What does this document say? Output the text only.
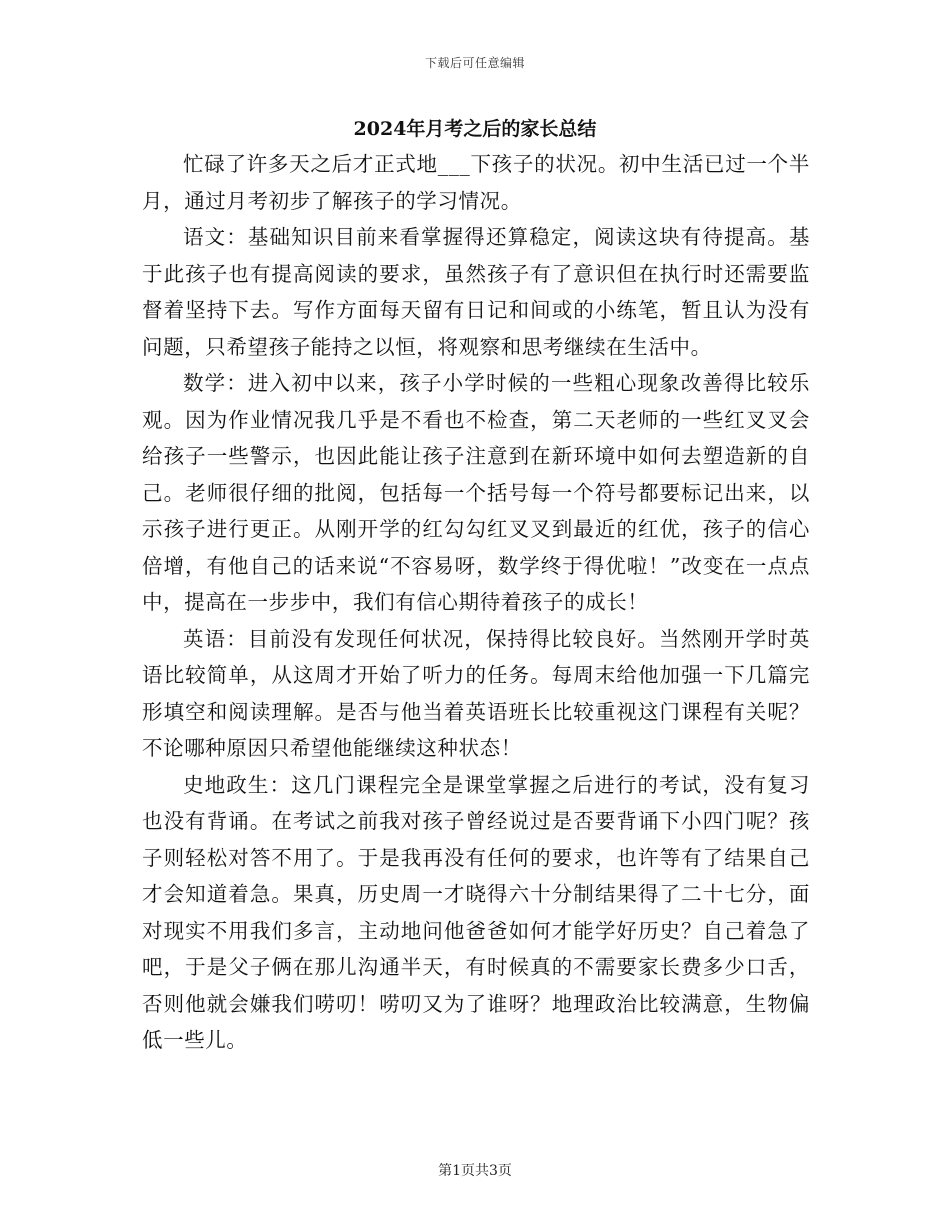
下载后可任意编辑
2024年月考之后的家长总结

忙碌了许多天之后才正式地___下孩子的状况。初中生活已过一个半月，通过月考初步了解孩子的学习情况。

语文：基础知识目前来看掌握得还算稳定，阅读这块有待提高。基于此孩子也有提高阅读的要求，虽然孩子有了意识但在执行时还需要监督着坚持下去。写作方面每天留有日记和间或的小练笔，暂且认为没有问题，只希望孩子能持之以恒，将观察和思考继续在生活中。

数学：进入初中以来，孩子小学时候的一些粗心现象改善得比较乐观。因为作业情况我几乎是不看也不检查，第二天老师的一些红叉叉会给孩子一些警示，也因此能让孩子注意到在新环境中如何去塑造新的自己。老师很仔细的批阅，包括每一个括号每一个符号都要标记出来，以示孩子进行更正。从刚开学的红勾勾红叉叉到最近的红优，孩子的信心倍增，有他自己的话来说“不容易呀，数学终于得优啦！”改变在一点点中，提高在一步步中，我们有信心期待着孩子的成长！

英语：目前没有发现任何状况，保持得比较良好。当然刚开学时英语比较简单，从这周才开始了听力的任务。每周末给他加强一下几篇完形填空和阅读理解。是否与他当着英语班长比较重视这门课程有关呢？不论哪种原因只希望他能继续这种状态！

史地政生：这几门课程完全是课堂掌握之后进行的考试，没有复习也没有背诵。在考试之前我对孩子曾经说过是否要背诵下小四门呢？孩子则轻松对答不用了。于是我再没有任何的要求，也许等有了结果自己才会知道着急。果真，历史周一才晓得六十分制结果得了二十七分，面对现实不用我们多言，主动地问他爸爸如何才能学好历史？自己着急了吧，于是父子俩在那儿沟通半天，有时候真的不需要家长费多少口舌，否则他就会嫌我们唠叨！唠叨又为了谁呀？地理政治比较满意，生物偏低一些儿。

第1页共3页
